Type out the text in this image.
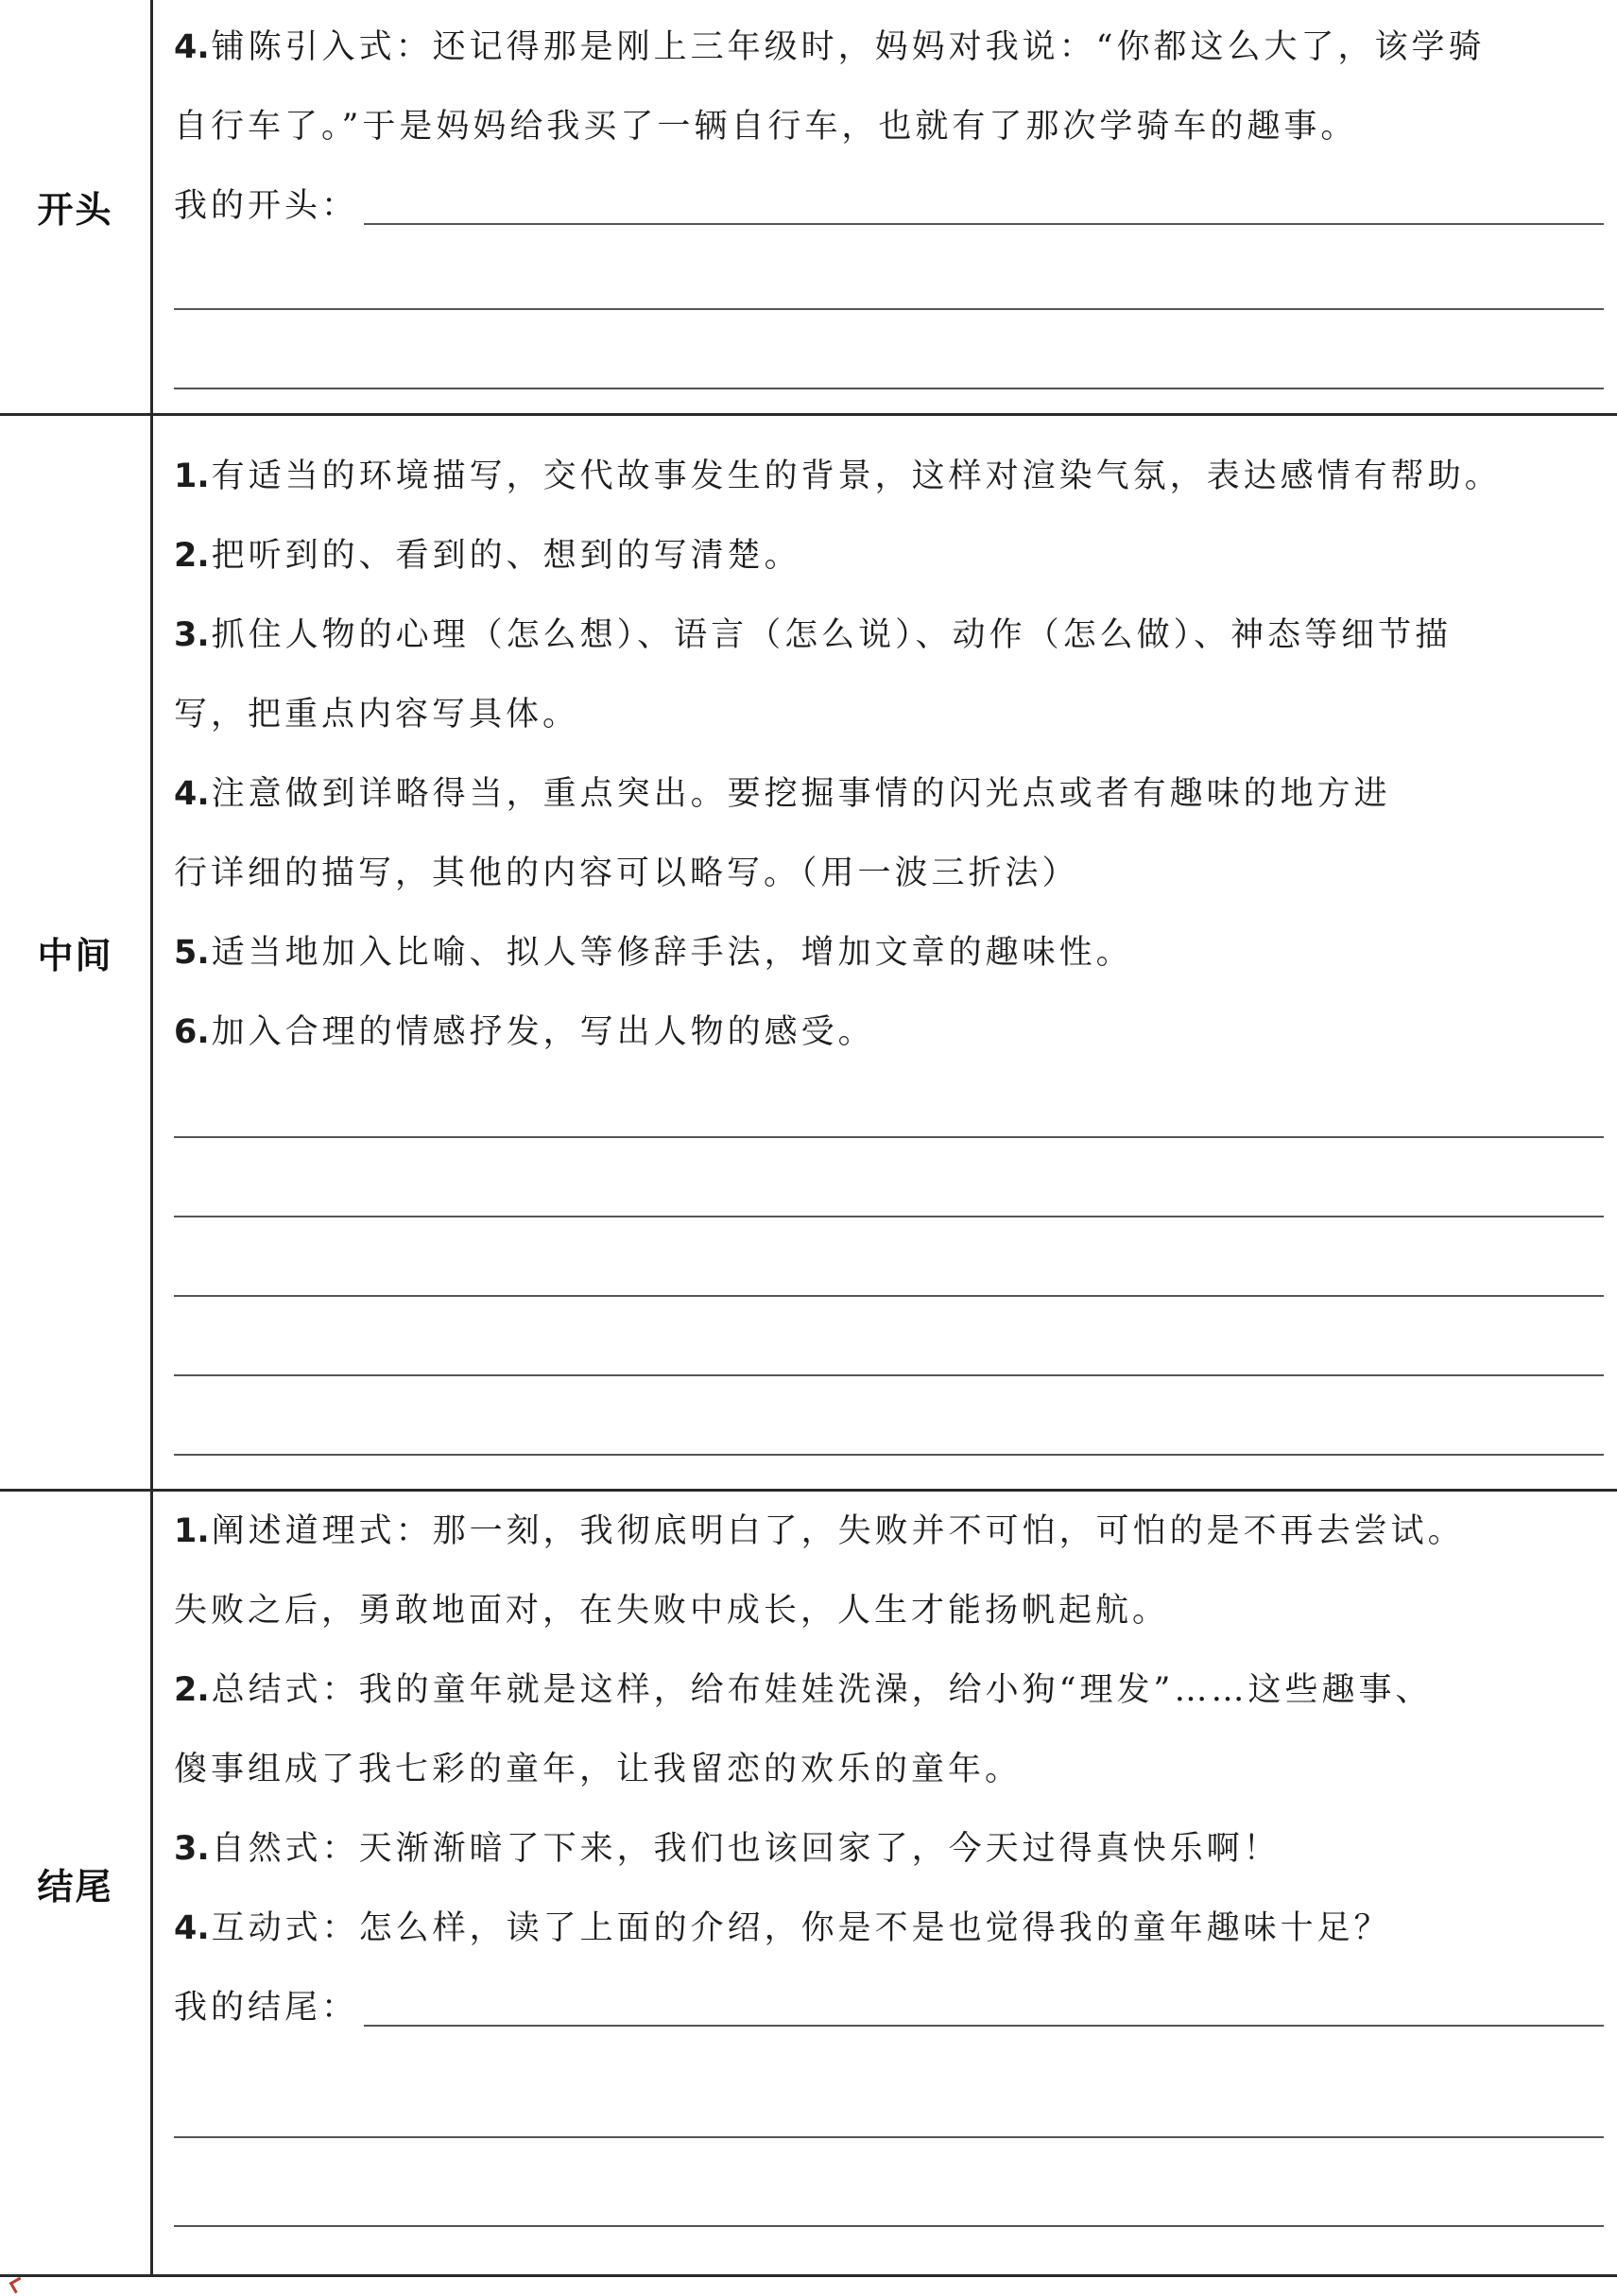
开头
4.铺陈引入式：还记得那是刚上三年级时，妈妈对我说：“你都这么大了，该学骑
自行车了。”于是妈妈给我买了一辆自行车，也就有了那次学骑车的趣事。
我的开头：
中间
1.有适当的环境描写，交代故事发生的背景，这样对渲染气氛，表达感情有帮助。
2.把听到的、看到的、想到的写清楚。
3.抓住人物的心理（怎么想）、语言（怎么说）、动作（怎么做）、神态等细节描
写，把重点内容写具体。
4.注意做到详略得当，重点突出。要挖掘事情的闪光点或者有趣味的地方进
行详细的描写，其他的内容可以略写。（用一波三折法）
5.适当地加入比喻、拟人等修辞手法，增加文章的趣味性。
6.加入合理的情感抒发，写出人物的感受。
结尾
1.阐述道理式：那一刻，我彻底明白了，失败并不可怕，可怕的是不再去尝试。
失败之后，勇敢地面对，在失败中成长，人生才能扬帆起航。
2.总结式：我的童年就是这样，给布娃娃洗澡，给小狗“理发”……这些趣事、
傻事组成了我七彩的童年，让我留恋的欢乐的童年。
3.自然式：天渐渐暗了下来，我们也该回家了，今天过得真快乐啊！
4.互动式：怎么样，读了上面的介绍，你是不是也觉得我的童年趣味十足？
我的结尾：
